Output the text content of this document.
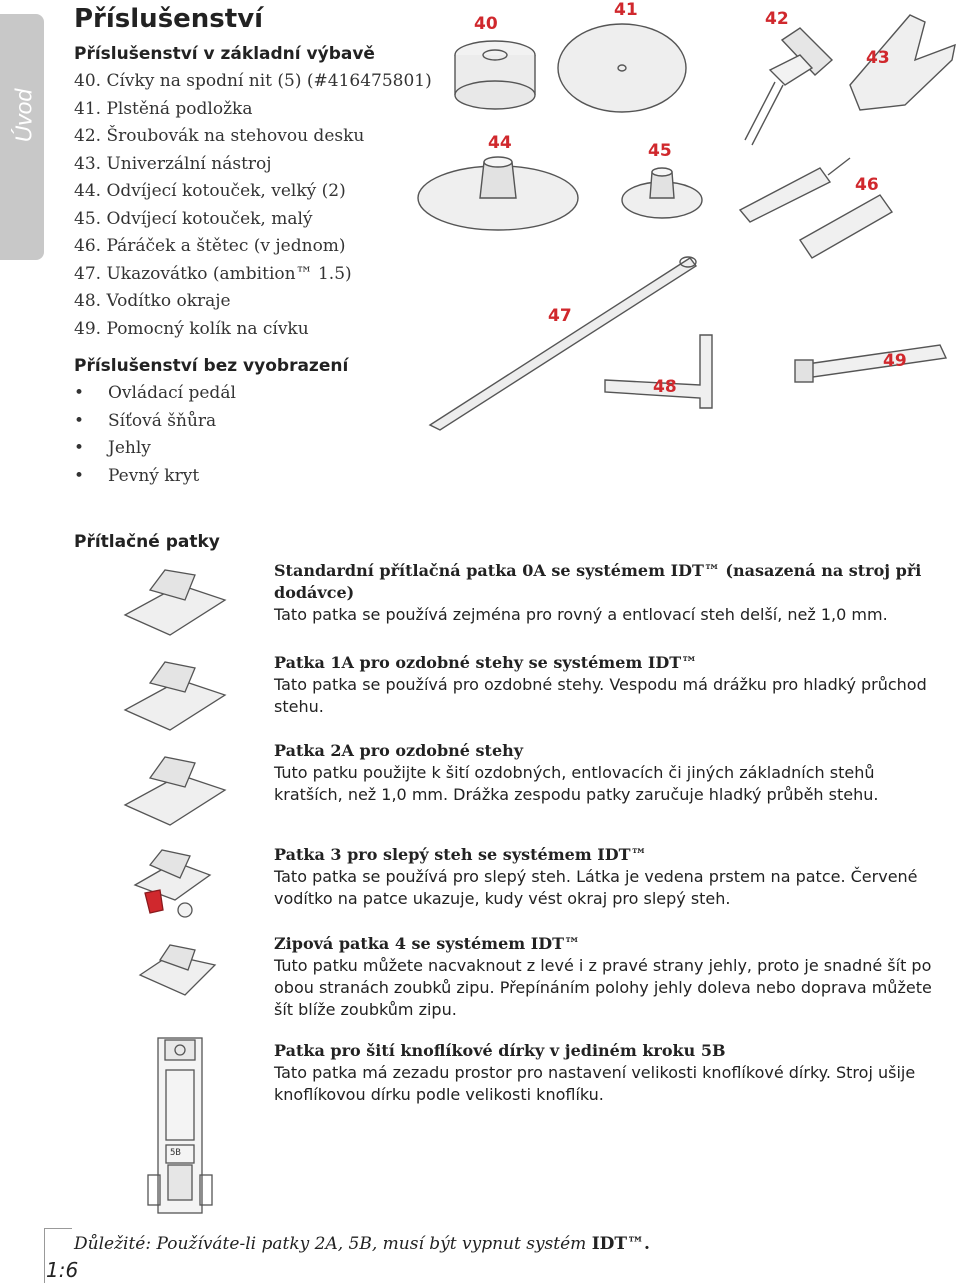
Úvod
Příslušenství
Příslušenství v základní výbavě
40. Cívky na spodní nit (5) (#416475801)
41. Plstěná podložka
42. Šroubovák na stehovou desku
43. Univerzální nástroj
44. Odvíjecí kotouček, velký (2)
45. Odvíjecí kotouček, malý
46. Páráček a štětec (v jednom)
47. Ukazovátko (ambition™ 1.5)
48. Vodítko okraje
49. Pomocný kolík na cívku
Příslušenství bez vyobrazení
• Ovládací pedál
• Síťová šňůra
• Jehly
• Pevný kryt
40
41	42
43
44	45
46
47
48
49
Přítlačné patky
5B
Standardní přítlačná patka 0A se systémem IDT™ (nasazená na stroj při dodávce)
Tato patka se používá zejména pro rovný a entlovací steh delší, než 1,0 mm.
Patka 1A pro ozdobné stehy se systémem IDT™
Tato patka se používá pro ozdobné stehy. Vespodu má drážku pro hladký průchod stehu.
Patka 2A pro ozdobné stehy
Tuto patku použijte k šití ozdobných, entlovacích či jiných základních stehů kratších, než 1,0 mm. Drážka zespodu patky zaručuje hladký průběh stehu.
Patka 3 pro slepý steh se systémem IDT™
Tato patka se používá pro slepý steh. Látka je vedena prstem na patce. Červené vodítko na patce ukazuje, kudy vést okraj pro slepý steh.
Zipová patka 4 se systémem IDT™
Tuto patku můžete nacvaknout z levé i z pravé strany jehly, proto je snadné šít po obou stranách zoubků zipu. Přepínáním polohy jehly doleva nebo doprava můžete šít blíže zoubkům zipu.
Patka pro šití knoflíkové dírky v jediném kroku 5B
Tato patka má zezadu prostor pro nastavení velikosti knoflíkové dírky. Stroj ušije knoflíkovou dírku podle velikosti knoflíku.
Důležité: Používáte-li patky 2A, 5B, musí být vypnut systém IDT™.
1:6
